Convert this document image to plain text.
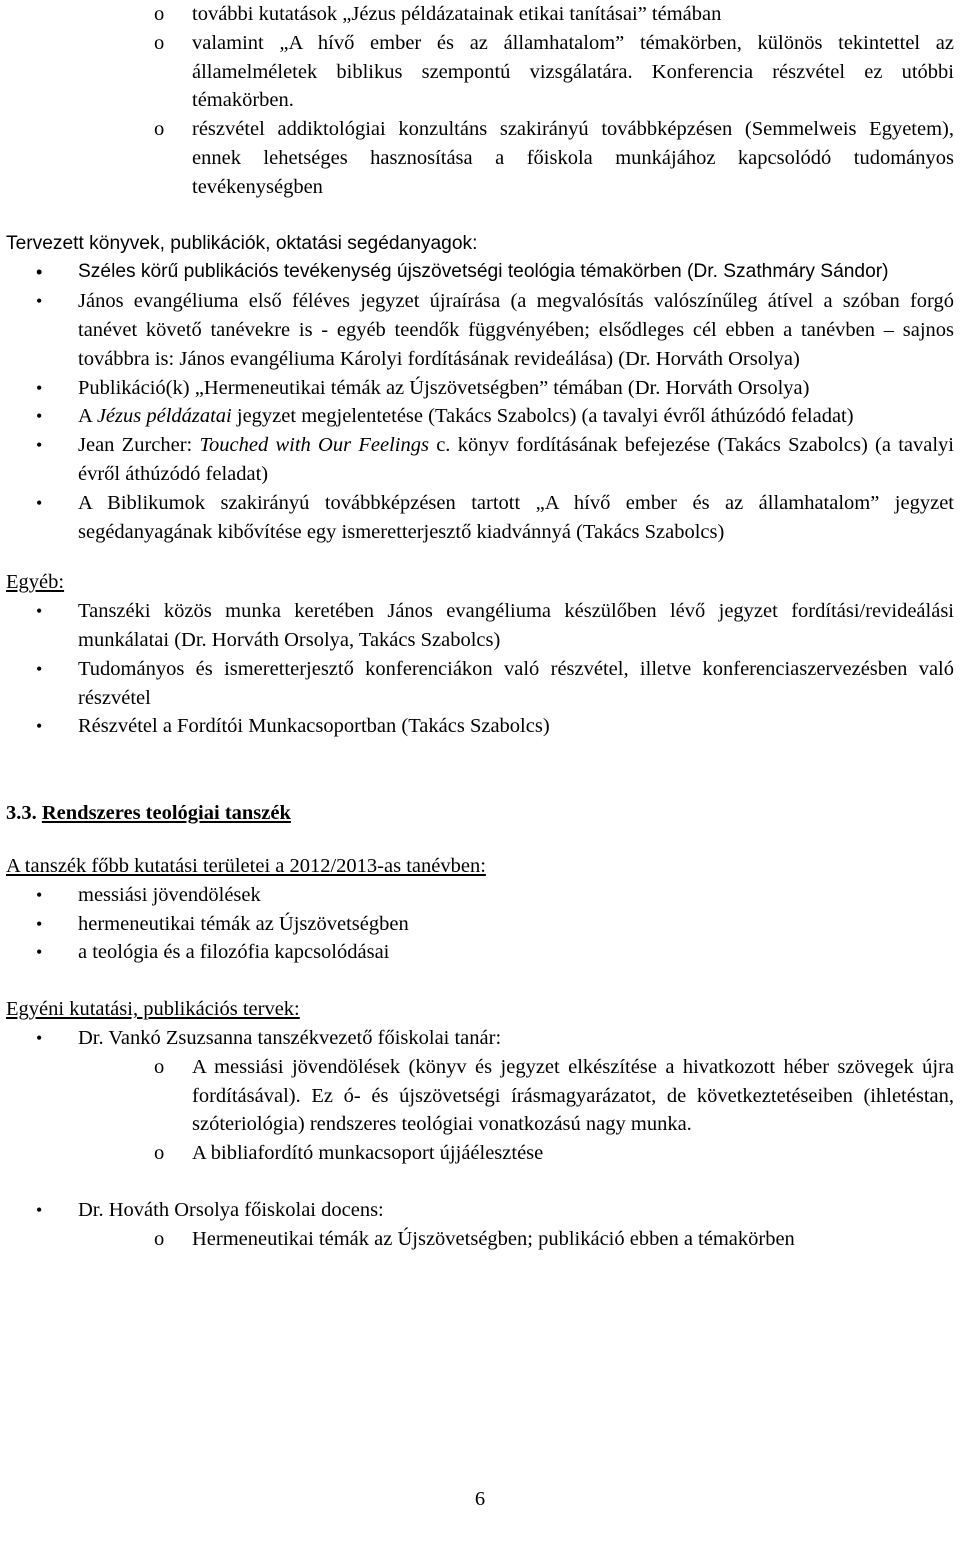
o további kutatások „Jézus példázatainak etikai tanításai” témában

o valamint „A hívő ember és az államhatalom” témakörben, különös tekintettel az államelméletek biblikus szempontú vizsgálatára. Konferencia részvétel ez utóbbi témakörben.

o részvétel addiktológiai konzultáns szakirányú továbbképzésen (Semmelweis Egyetem), ennek lehetséges hasznosítása a főiskola munkájához kapcsolódó tudományos tevékenységben

Tervezett könyvek, publikációk, oktatási segédanyagok:

• Széles körű publikációs tevékenység újszövetségi teológia témakörben (Dr. Szathmáry Sándor)

• János evangéliuma első féléves jegyzet újraírása (a megvalósítás valószínűleg átível a szóban forgó tanévet követő tanévekre is - egyéb teendők függvényében; elsődleges cél ebben a tanévben – sajnos továbbra is: János evangéliuma Károlyi fordításának revideálása) (Dr. Horváth Orsolya)

• Publikáció(k) „Hermeneutikai témák az Újszövetségben” témában (Dr. Horváth Orsolya)

• A Jézus példázatai jegyzet megjelentetése (Takács Szabolcs) (a tavalyi évről áthúzódó feladat)

• Jean Zurcher: Touched with Our Feelings c. könyv fordításának befejezése (Takács Szabolcs) (a tavalyi évről áthúzódó feladat)

• A Biblikumok szakirányú továbbképzésen tartott „A hívő ember és az államhatalom” jegyzet segédanyagának kibővítése egy ismeretterjesztő kiadvánnyá (Takács Szabolcs)

Egyéb:

• Tanszéki közös munka keretében János evangéliuma készülőben lévő jegyzet fordítási/revideálási munkálatai (Dr. Horváth Orsolya, Takács Szabolcs)

• Tudományos és ismeretterjesztő konferenciákon való részvétel, illetve konferenciaszervezésben való részvétel

• Részvétel a Fordítói Munkacsoportban (Takács Szabolcs)

3.3. Rendszeres teológiai tanszék

A tanszék főbb kutatási területei a 2012/2013-as tanévben:

• messiási jövendölések

• hermeneutikai témák az Újszövetségben

• a teológia és a filozófia kapcsolódásai

Egyéni kutatási, publikációs tervek:

• Dr. Vankó Zsuzsanna tanszékvezető főiskolai tanár:

o A messiási jövendölések (könyv és jegyzet elkészítése a hivatkozott héber szövegek újra fordításával). Ez ó- és újszövetségi írásmagyarázatot, de következtetéseiben (ihletéstan, szóteriológia) rendszeres teológiai vonatkozású nagy munka.

o A bibliafordító munkacsoport újjáélesztése

• Dr. Hováth Orsolya főiskolai docens:

o Hermeneutikai témák az Újszövetségben; publikáció ebben a témakörben

6
